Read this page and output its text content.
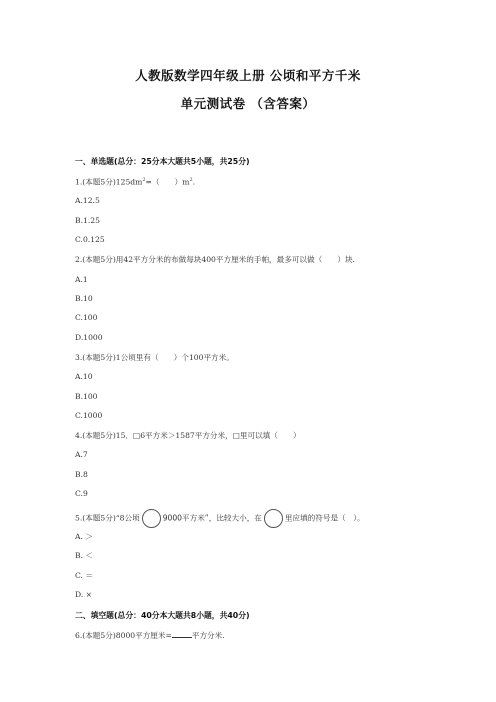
人教版数学四年级上册 公顷和平方千米
单元测试卷 （含答案）
一、单选题(总分：25分本大题共5小题，共25分)
1.(本题5分)$125dm^2=$（　　）$m^2$.
A.12.5
B.1.25
C.0.125
2.(本题5分)用42平方分米的布做每块400平方厘米的手帕，最多可以做（　　）块.
A.1
B.10
C.100
D.1000
3.(本题5分)1公顷里有（　　）个100平方米。
A.10
B.100
C.1000
4.(本题5分)15．□6平方米＞1587平方分米，□里可以填（　　）
A.7
B.8
C.9
5.(本题5分)“8公顷	9000平方米”，比较大小，在	里应填的符号是（　）。
A. ＞
B. ＜
C. ＝
D. ×
二、填空题(总分：40分本大题共8小题，共40分)
6.(本题5分)8000平方厘米=	平方分米.
